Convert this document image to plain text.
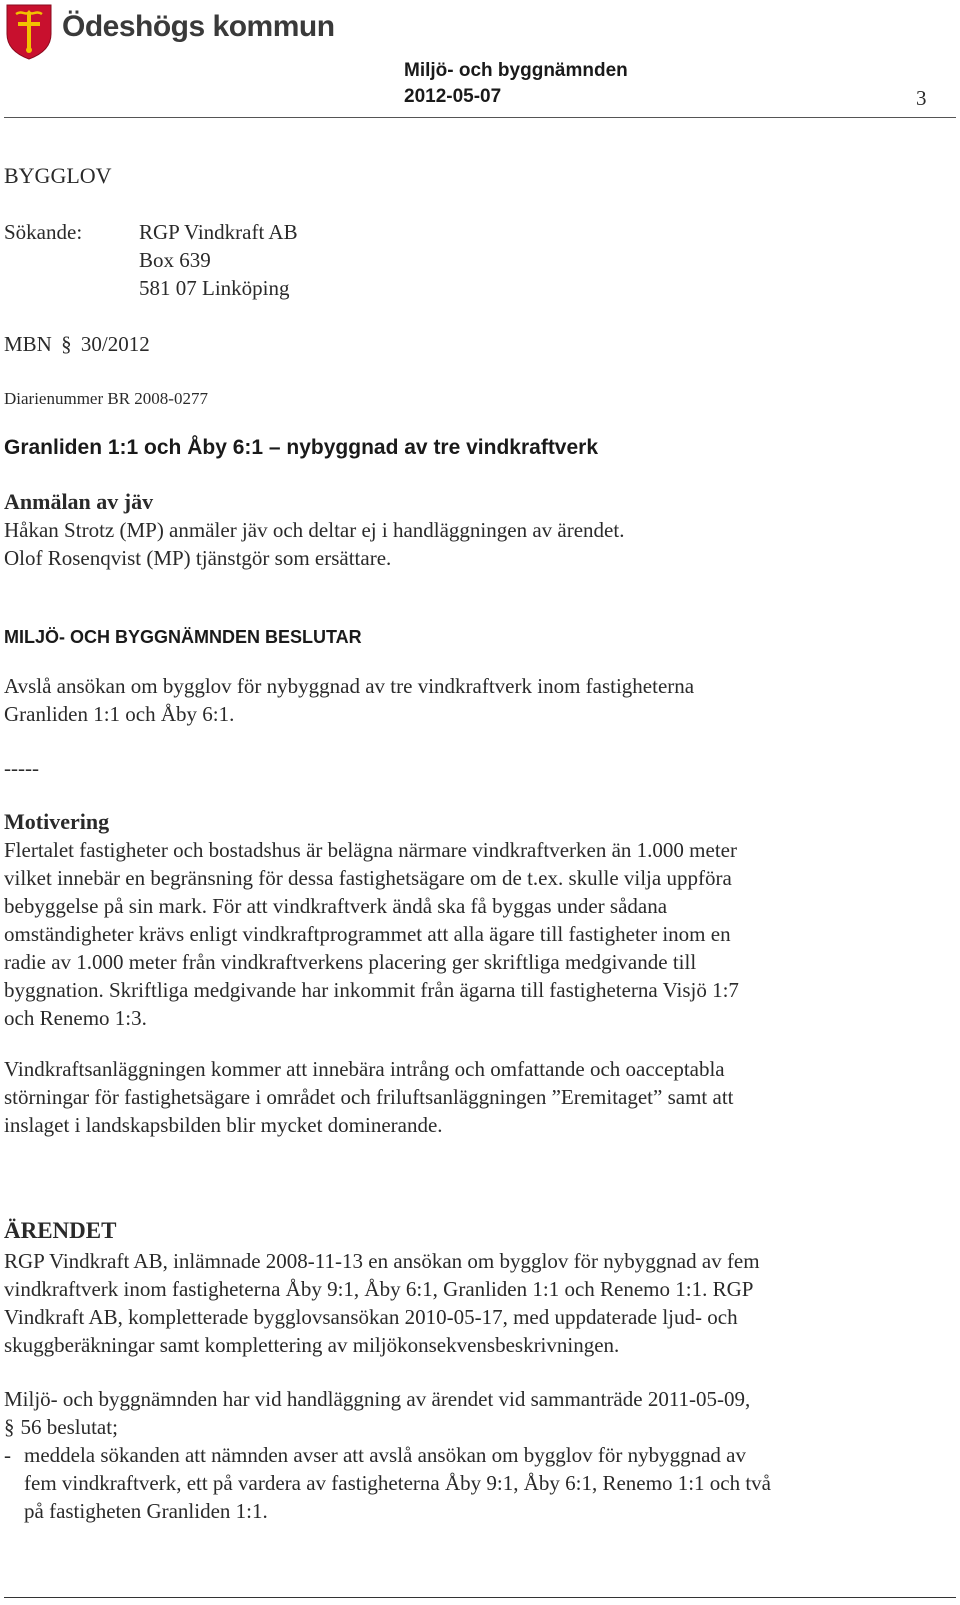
Ödeshögs kommun
Miljö- och byggnämnden
2012-05-07	3
BYGGLOV
Sökande:	RGP Vindkraft AB

Box 639

581 07 Linköping

MBN § 30/2012
Diarienummer BR 2008-0277
Granliden 1:1 och Åby 6:1 – nybyggnad av tre vindkraftverk
Anmälan av jäv

Håkan Strotz (MP) anmäler jäv och deltar ej i handläggningen av ärendet.

Olof Rosenqvist (MP) tjänstgör som ersättare.

MILJÖ- OCH BYGGNÄMNDEN BESLUTAR

Avslå ansökan om bygglov för nybyggnad av tre vindkraftverk inom fastigheterna

Granliden 1:1 och Åby 6:1.

-----
Motivering

Flertalet fastigheter och bostadshus är belägna närmare vindkraftverken än 1.000 meter

vilket innebär en begränsning för dessa fastighetsägare om de t.ex. skulle vilja uppföra

bebyggelse på sin mark. För att vindkraftverk ändå ska få byggas under sådana

omständigheter krävs enligt vindkraftprogrammet att alla ägare till fastigheter inom en

radie av 1.000 meter från vindkraftverkens placering ger skriftliga medgivande till

byggnation. Skriftliga medgivande har inkommit från ägarna till fastigheterna Visjö 1:7

och Renemo 1:3.

Vindkraftsanläggningen kommer att innebära intrång och omfattande och oacceptabla

störningar för fastighetsägare i området och friluftsanläggningen ”Eremitaget” samt att

inslaget i landskapsbilden blir mycket dominerande.

ÄRENDET

RGP Vindkraft AB, inlämnade 2008-11-13 en ansökan om bygglov för nybyggnad av fem

vindkraftverk inom fastigheterna Åby 9:1, Åby 6:1, Granliden 1:1 och Renemo 1:1. RGP

Vindkraft AB, kompletterade bygglovsansökan 2010-05-17, med uppdaterade ljud- och

skuggberäkningar samt komplettering av miljökonsekvensbeskrivningen.

Miljö- och byggnämnden har vid handläggning av ärendet vid sammanträde 2011-05-09,

§ 56 beslutat;

- meddela sökanden att nämnden avser att avslå ansökan om bygglov för nybyggnad av

fem vindkraftverk, ett på vardera av fastigheterna Åby 9:1, Åby 6:1, Renemo 1:1 och två

på fastigheten Granliden 1:1.
